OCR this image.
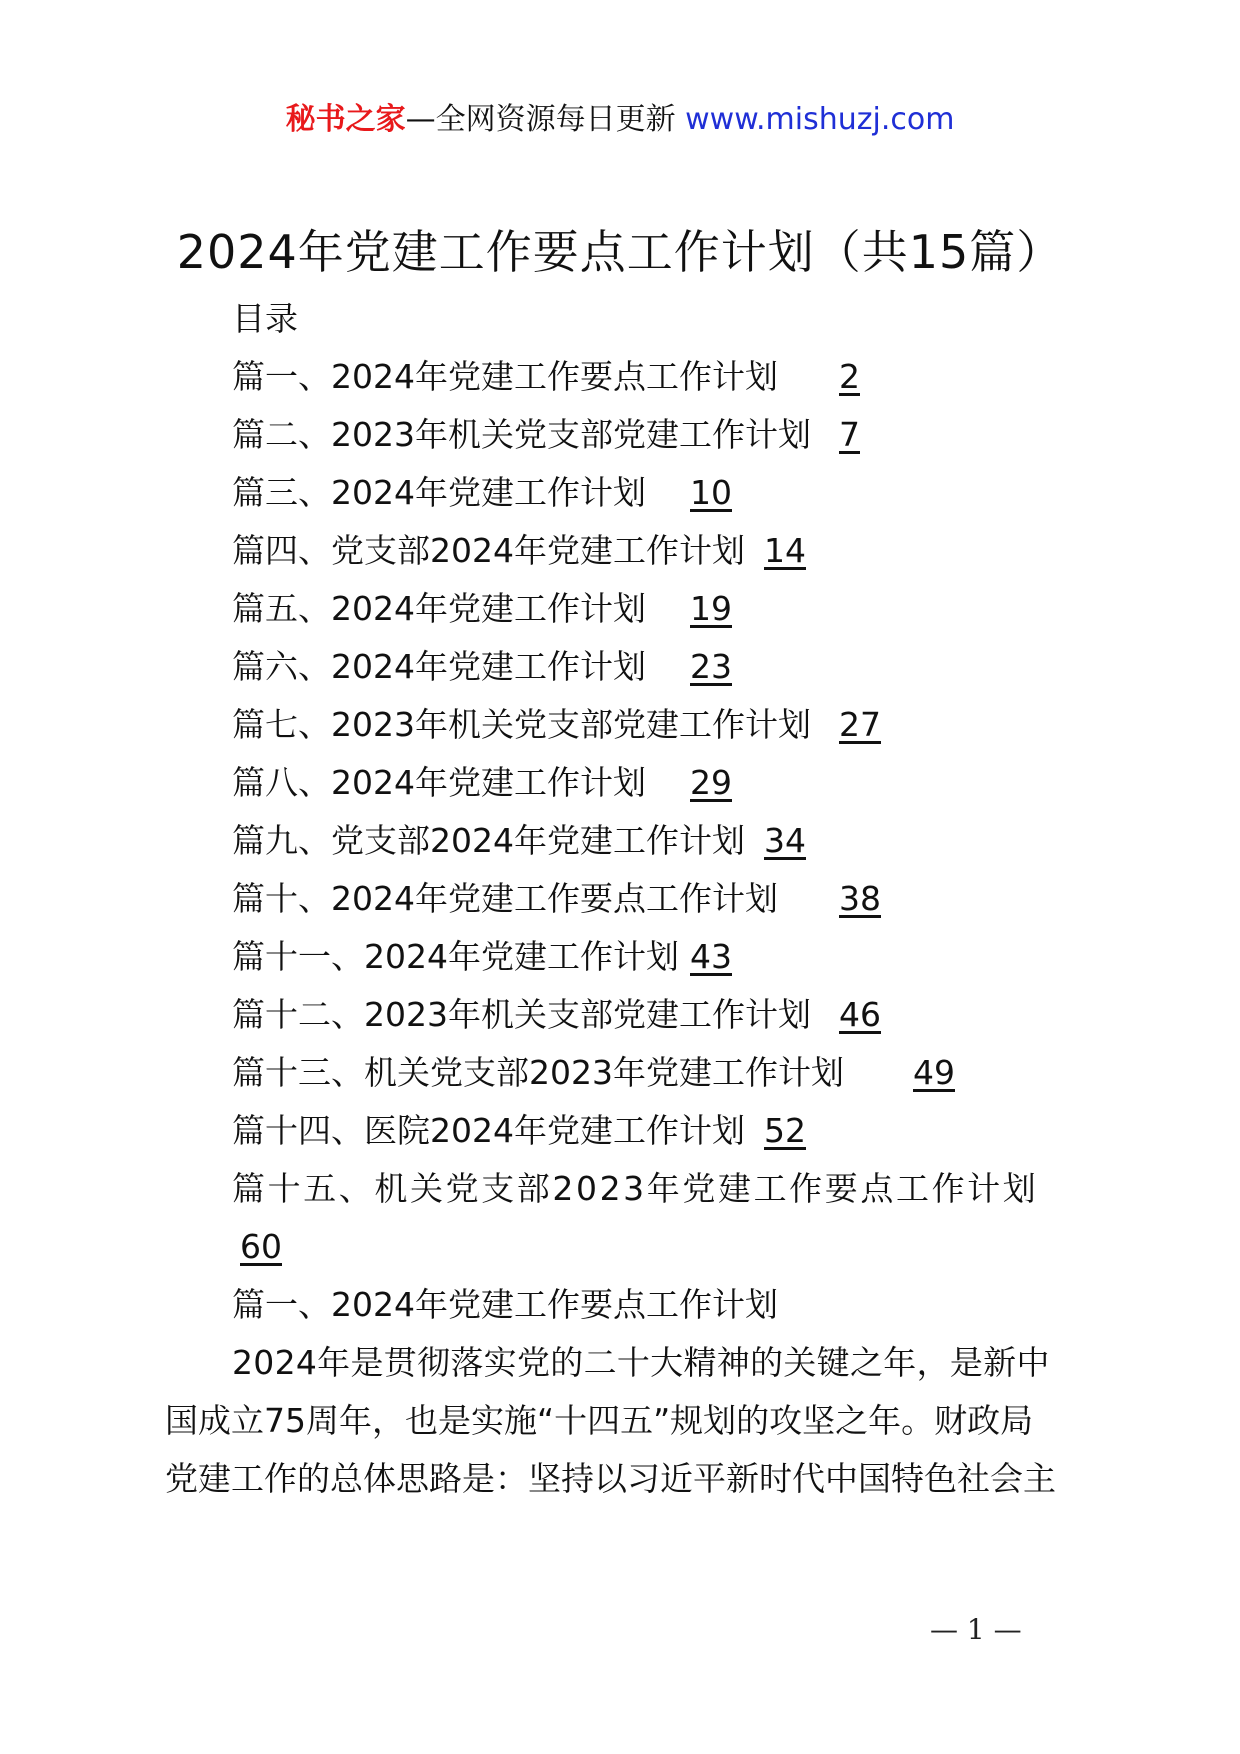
秘书之家—全网资源每日更新 www.mishuzj.com
2024年党建工作要点工作计划（共15篇）
目录
篇一、2024年党建工作要点工作计划 2
篇二、2023年机关党支部党建工作计划 7
篇三、2024年党建工作计划 10
篇四、党支部2024年党建工作计划 14
篇五、2024年党建工作计划 19
篇六、2024年党建工作计划 23
篇七、2023年机关党支部党建工作计划 27
篇八、2024年党建工作计划 29
篇九、党支部2024年党建工作计划 34
篇十、2024年党建工作要点工作计划 38
篇十一、2024年党建工作计划 43
篇十二、2023年机关支部党建工作计划 46
篇十三、机关党支部2023年党建工作计划 49
篇十四、医院2024年党建工作计划 52
篇十五、机关党支部2023年党建工作要点工作计划
60
篇一、2024年党建工作要点工作计划
2024年是贯彻落实党的二十大精神的关键之年，是新中
国成立75周年，也是实施“十四五”规划的攻坚之年。财政局
党建工作的总体思路是：坚持以习近平新时代中国特色社会主
— 1 —
